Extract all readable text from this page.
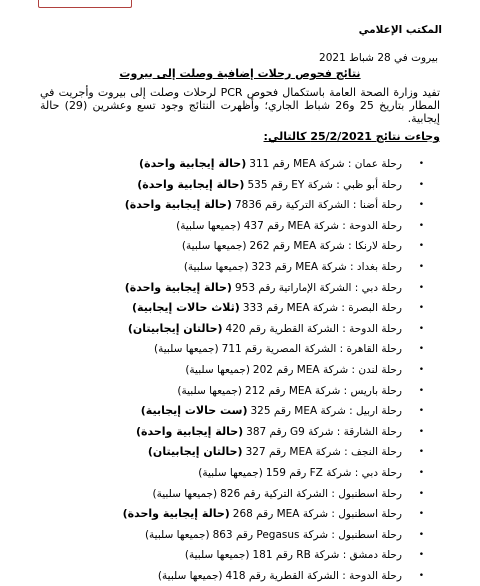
المكتب الإعلامي
بيروت في 28 شباط 2021
نتائج فحوص رحلات إضافية وصلت إلى بيروت
تفيد وزارة الصحة العامة باستكمال فحوص PCR لرحلات وصلت إلى بيروت وأجريت في المطار بتاريخ 25 و26 شباط الجاري؛ وأظهرت النتائج وجود تسع وعشرين (29) حالة إيجابية.
وجاءت نتائج 25/2/2021 كالتالي:
•
رحلة عمان : شركة MEA رقم 311(حالة إيجابية واحدة)
•
رحلة أبو ظبي : شركة EY رقم 535(حالة إيجابية واحدة)
•
رحلة أضنا : الشركة التركية رقم 7836(حالة إيجابية واحدة)
•
رحلة الدوحة : شركة MEA رقم 437(جميعها سلبية)
•
رحلة لارنكا : شركة MEA رقم 262(جميعها سلبية)
•
رحلة بغداد : شركة MEA رقم 323(جميعها سلبية)
•
رحلة دبي : الشركة الإماراتية رقم 953(حالة إيجابية واحدة)
•
رحلة البصرة : شركة MEA رقم 333(ثلاث حالات إيجابية)
•
رحلة الدوحة : الشركة القطرية رقم 420(حالتان إيجابيتان)
•
رحلة القاهرة : الشركة المصرية رقم 711(جميعها سلبية)
•
رحلة لندن : شركة MEA رقم 202(جميعها سلبية)
•
رحلة باريس : شركة MEA رقم 212(جميعها سلبية)
•
رحلة اربيل : شركة MEA رقم 325(ست حالات إيجابية)
•
رحلة الشارقة : شركة G9 رقم 387(حالة إيجابية واحدة)
•
رحلة النجف : شركة MEA رقم 327(حالتان إيجابيتان)
•
رحلة دبي : شركة FZ رقم 159(جميعها سلبية)
•
رحلة اسطنبول : الشركة التركية رقم 826(جميعها سلبية)
•
رحلة اسطنبول : شركة MEA رقم 268(حالة إيجابية واحدة)
•
رحلة اسطنبول : شركة Pegasus رقم 863(جميعها سلبية)
•
رحلة دمشق : شركة RB رقم 181(جميعها سلبية)
•
رحلة الدوحة : الشركة القطرية رقم 418(جميعها سلبية)
